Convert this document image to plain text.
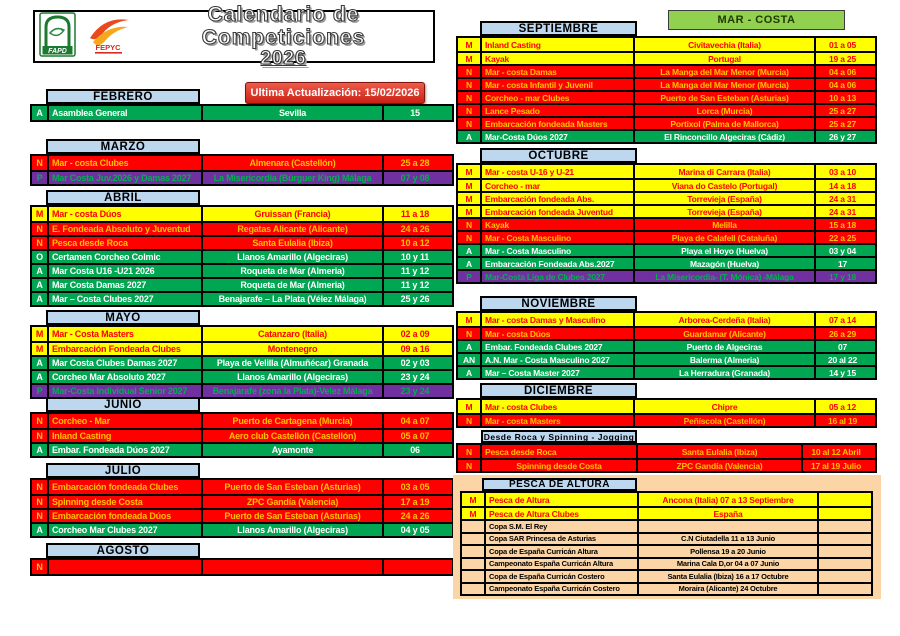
FAPD	FEPYC
Calendario de Competiciones
2026
Ultima Actualización: 15/02/2026
MAR - COSTA
FEBRERO
A	Asamblea General	Sevilla	15
MARZO
N	Mar - costa Clubes	Almenara (Castellón)	25 a 28
P	Mar Costa Juv.2026 y Damas 2027	La Misericordia (Búrguer King) Málaga	07 y 08
ABRIL
M Mar - costa Dúos	Gruissan (Francia)	11 a 18
N	E. Fondeada Absoluto y Juventud	Regatas Alicante (Alicante)	24 a 26
N	Pesca desde Roca	Santa Eulalia (Ibiza)	10 a 12
O	Certamen Corcheo Colmic	Llanos Amarillo (Algeciras)	10 y 11
A	Mar Costa U16 -U21 2026	Roqueta de Mar (Almeria)	11 y 12
A	Mar Costa Damas 2027	Roqueta de Mar (Almeria)	11 y 12
A	Mar – Costa Clubes 2027	Benajarafe – La Plata (Vélez Málaga)	25 y 26
MAYO
M Mar - Costa Masters	Catanzaro (Italia)	02 a 09
M Embarcación Fondeada Clubes	Montenegro	09 a 16
A	Mar Costa Clubes Damas 2027	Playa de Velilla (Almuñécar) Granada	02 y 03
A	Corcheo Mar Absoluto 2027	Llanos Amarillo (Algeciras)	23 y 24
P	Mar-Costa Individual Senior 2027	Benajarafe (zona la Plata)-Velez Málaga	23 y 24
JUNIO
N	Corcheo - Mar	Puerto de Cartagena (Murcia)	04 a 07
N	Inland Casting	Aero club Castellón (Castellón)	05 a 07
A	Embar. Fondeada Dúos 2027	Ayamonte	06
JULIO
N	Embarcación fondeada Clubes	Puerto de San Esteban (Asturias)	03 a 05
N	Spinning desde Costa	ZPC Gandía (Valencia)	17 a 19
N	Embarcación fondeada Dúos	Puerto de San Esteban (Asturias)	24 a 26
A	Corcheo Mar Clubes 2027	Llanos Amarillo (Algeciras)	04 y 05
AGOSTO
N
SEPTIEMBRE
M	Inland Casting	Civitavechia (Italia)	01 a 05
M	Kayak	Portugal	19 a 25
N	Mar - costa Damas	La Manga del Mar Menor (Murcia)	04 a 06
N	Mar - costa Infantil y Juvenil	La Manga del Mar Menor (Murcia)	04 a 06
N	Corcheo - mar Clubes	Puerto de San Esteban (Asturias)	10 a 13
N	Lance Pesado	Lorca (Murcia)	25 a 27
N	Embarcación fondeada Masters	Portixol (Palma de Mallorca)	25 a 27
A	Mar-Costa Dúos 2027	El Rinconcillo Algeciras (Cádiz)	26 y 27
OCTUBRE
M	Mar - costa U-16 y U-21	Marina di Carrara (Italia)	03 a 10
M	Corcheo - mar	Viana do Castelo (Portugal)	14 a 18
M	Embarcación fondeada Abs.	Torrevieja (España)	24 a 31
M	Embarcación fondeada Juventud	Torrevieja (España)	24 a 31
N	Kayak	Melilla	15 a 18
N	Mar - Costa Masculino	Playa de Calafell (Cataluña)	22 a 25
A	Mar - Costa Masculino	Playa el Hoyo (Huelva)	03 y 04
A	Embarcación Fondeada Abs.2027	Mazagón (Huelva)	17
P	Mar-Costa Liga de Clubes 2027	La Misericordia- (T. Mónica) -Málaga	17 y 18
NOVIEMBRE
M	Mar - costa Damas y Masculino	Arborea-Cerdeña (Italia)	07 a 14
N	Mar - costa Dúos	Guardamar (Alicante)	26 a 29
A	Embar. Fondeada Clubes 2027	Puerto de Algeciras	07
AN	A.N. Mar - Costa Masculino 2027	Balerma (Almeria)	20 al 22
A	Mar – Costa Master 2027	La Herradura (Granada)	14 y 15
DICIEMBRE
M	Mar - costa Clubes	Chipre	05 a 12
N	Mar - costa Masters	Peñíscola (Castellón)	16 al 19
Desde Roca y Spinning - Jogging
N	Pesca desde Roca	Santa Eulalia (Ibiza)	10 al 12 Abril
N	Spinning desde Costa	ZPC Gandía (Valencia)	17 al 19 Julio
PESCA DE ALTURA
M	Pesca de Altura	Ancona (Italia) 07 a 13 Septiembre
M	Pesca de Altura Clubes	España
Copa S.M. El Rey
Copa SAR Princesa de Asturias	C.N Ciutadella 11 a 13 Junio
Copa de España Curricán Altura	Pollensa 19 a 20 Junio
Campeonato España Curricán Altura	Marina Cala D,or 04 a 07 Junio
Copa de España Curricán Costero	Santa Eulalia (Ibiza) 16 a 17 Octubre
Campeonato España Curricán Costero	Moraira (Alicante) 24 Octubre
